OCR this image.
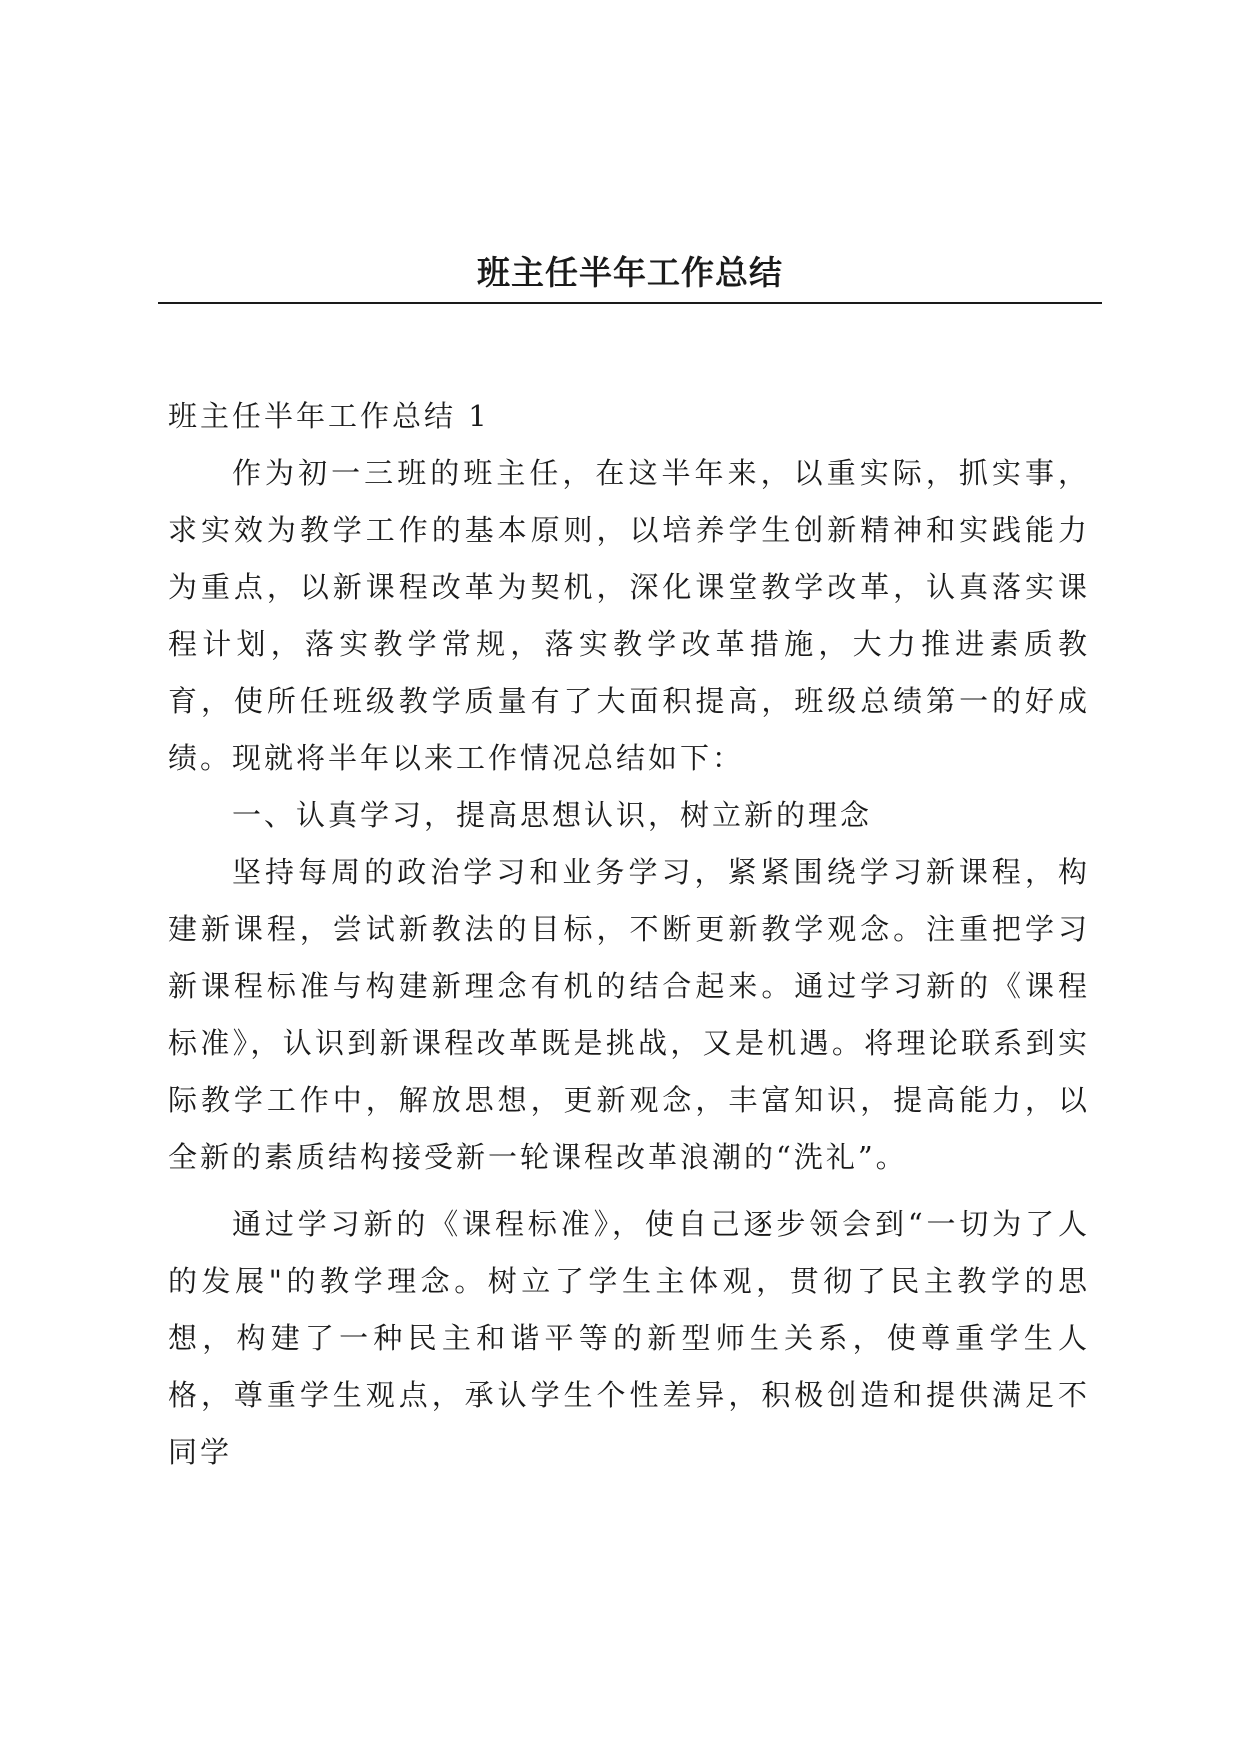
班主任半年工作总结

班主任半年工作总结 1

作为初一三班的班主任，在这半年来，以重实际，抓实事，求实效为教学工作的基本原则，以培养学生创新精神和实践能力为重点，以新课程改革为契机，深化课堂教学改革，认真落实课程计划，落实教学常规，落实教学改革措施，大力推进素质教育，使所任班级教学质量有了大面积提高，班级总绩第一的好成绩。现就将半年以来工作情况总结如下：

一、认真学习，提高思想认识，树立新的理念

坚持每周的政治学习和业务学习，紧紧围绕学习新课程，构建新课程，尝试新教法的目标，不断更新教学观念。注重把学习新课程标准与构建新理念有机的结合起来。通过学习新的《课程标准》，认识到新课程改革既是挑战，又是机遇。将理论联系到实际教学工作中，解放思想，更新观念，丰富知识，提高能力，以全新的素质结构接受新一轮课程改革浪潮的“洗礼”。

通过学习新的《课程标准》，使自己逐步领会到“一切为了人的发展"的教学理念。树立了学生主体观，贯彻了民主教学的思想，构建了一种民主和谐平等的新型师生关系，使尊重学生人格，尊重学生观点，承认学生个性差异，积极创造和提供满足不同学
